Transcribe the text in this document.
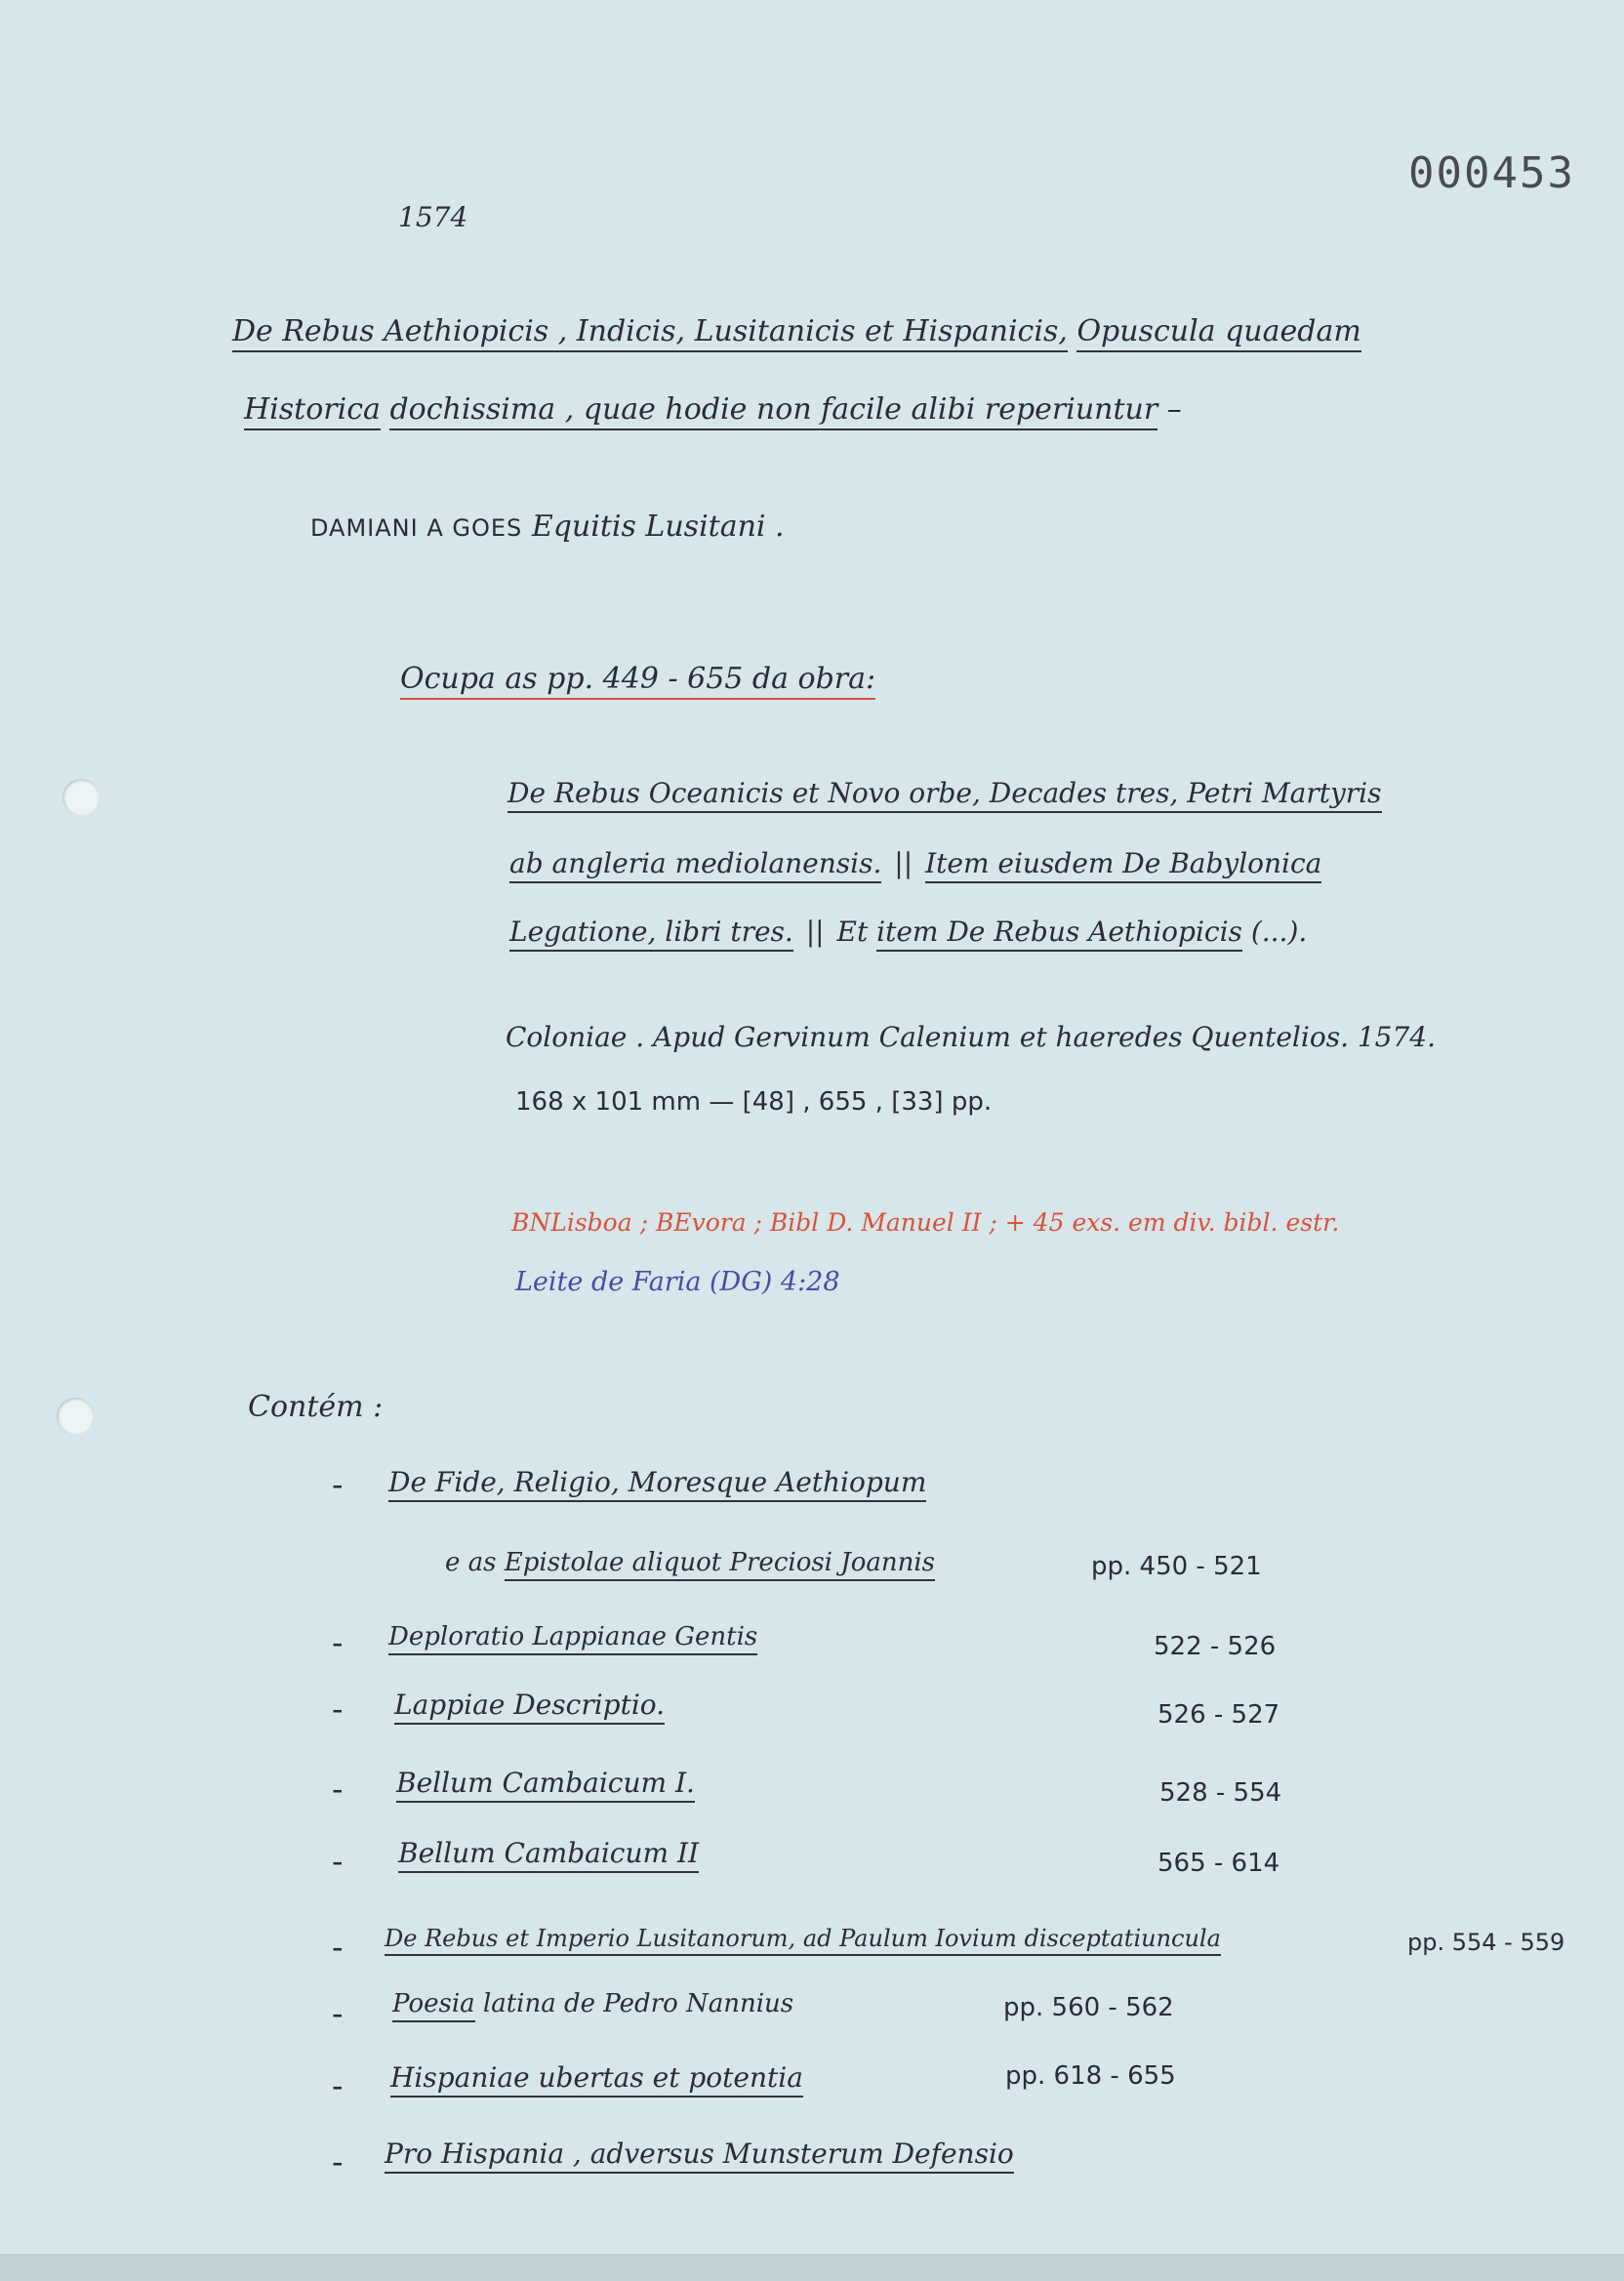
000453
1574
De Rebus Aethiopicis , Indicis, Lusitanicis et Hispanicis, Opuscula quaedam
Historica dochissima , quae hodie non facile alibi reperiuntur –
DAMIANI A GOES Equitis Lusitani .
Ocupa as pp. 449 - 655 da obra:
De Rebus Oceanicis et Novo orbe, Decades tres, Petri Martyris
ab angleria mediolanensis. || Item eiusdem De Babylonica
Legatione, libri tres. || Et item De Rebus Aethiopicis (...).
Coloniae . Apud Gervinum Calenium et haeredes Quentelios. 1574.
168 x 101 mm — [48] , 655 , [33] pp.
BNLisboa ; BEvora ; Bibl D. Manuel II ; + 45 exs. em div. bibl. estr.
Leite de Faria (DG) 4:28
Contém :
- De Fide, Religio, Moresque Aethiopum
e as Epistolae aliquot Preciosi Joannis	pp. 450 - 521
- Deploratio Lappianae Gentis	522 - 526
- Lappiae Descriptio.	526 - 527
- Bellum Cambaicum I.	528 - 554
- Bellum Cambaicum II	565 - 614
- De Rebus et Imperio Lusitanorum, ad Paulum Iovium disceptatiuncula	pp. 554 - 559
- Poesia latina de Pedro Nannius	pp. 560 - 562
- Hispaniae ubertas et potentia	pp. 618 - 655
- Pro Hispania , adversus Munsterum Defensio
